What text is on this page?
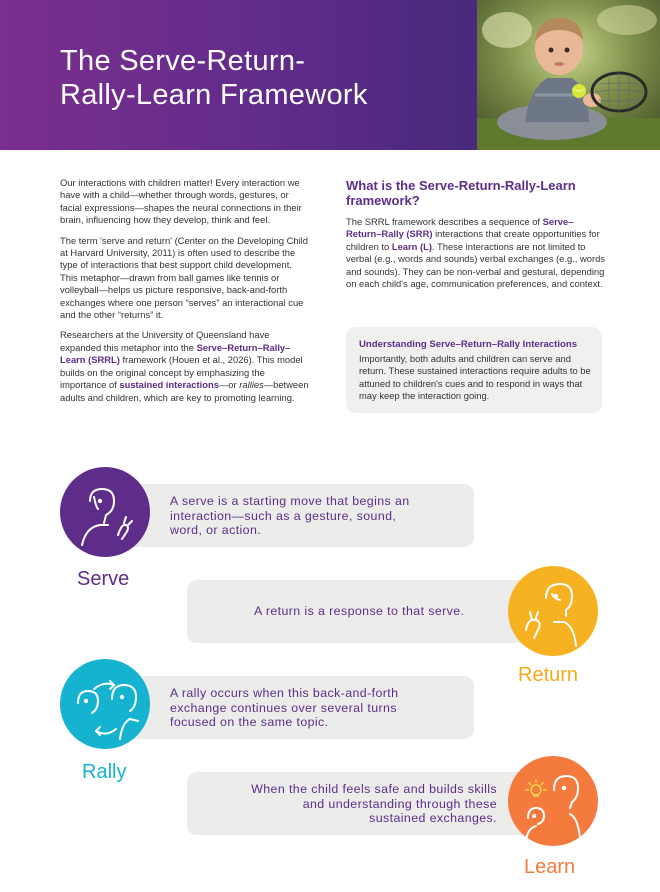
The Serve-Return-
Rally-Learn Framework

Our interactions with children matter! Every interaction we have with a child—whether through words, gestures, or facial expressions—shapes the neural connections in their brain, influencing how they develop, think and feel.

The term 'serve and return' (Center on the Developing Child at Harvard University, 2011) is often used to describe the type of interactions that best support child development. This metaphor—drawn from ball games like tennis or volleyball—helps us picture responsive, back-and-forth exchanges where one person “serves” an interactional cue and the other “returns” it.

Researchers at the University of Queensland have expanded this metaphor into the Serve–Return–Rally–Learn (SRRL) framework (Houen et al., 2026). This model builds on the original concept by emphasizing the importance of sustained interactions—or rallies—between adults and children, which are key to promoting learning.

What is the Serve-Return-Rally-Learn framework?

The SRRL framework describes a sequence of Serve–Return–Rally (SRR) interactions that create opportunities for children to Learn (L). These interactions are not limited to verbal (e.g., words and sounds) verbal exchanges (e.g., words and sounds). They can be non-verbal and gestural, depending on each child's age, communication preferences, and context.

Understanding Serve–Return–Rally Interactions
Importantly, both adults and children can serve and return. These sustained interactions require adults to be attuned to children's cues and to respond in ways that may keep the interaction going.
A serve is a starting move that begins an interaction—such as a gesture, sound, word, or action.
Serve
A return is a response to that serve.
Return
A rally occurs when this back-and-forth exchange continues over several turns focused on the same topic.
Rally
When the child feels safe and builds skills and understanding through these sustained exchanges.
Learn
